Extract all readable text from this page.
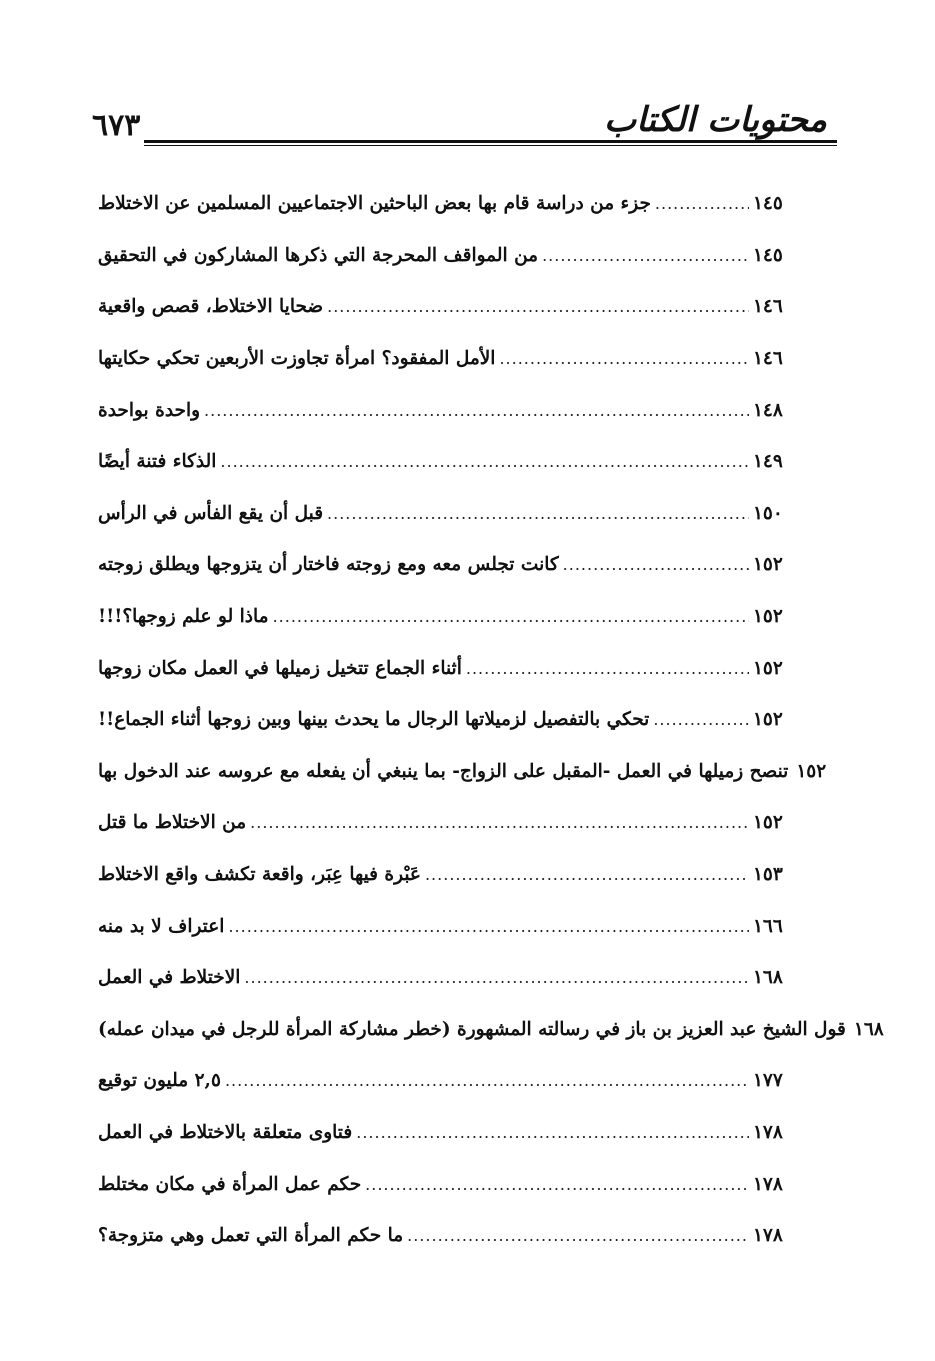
محتويات الكتاب
٦٧٣
جزء من دراسة قام بها بعض الباحثين الاجتماعيين المسلمين عن الاختلاط .....	١٤٥
من المواقف المحرجة التي ذكرها المشاركون في التحقيق .....	١٤٥
ضحايا الاختلاط، قصص واقعية .....	١٤٦
الأمل المفقود؟ امرأة تجاوزت الأربعين تحكي حكايتها .....	١٤٦
واحدة بواحدة .....	١٤٨
الذكاء فتنة أيضًا .....	١٤٩
قبل أن يقع الفأس في الرأس .....	١٥٠
كانت تجلس معه ومع زوجته فاختار أن يتزوجها ويطلق زوجته .....	١٥٢
ماذا لو علم زوجها؟!!! .....	١٥٢
أثناء الجماع تتخيل زميلها في العمل مكان زوجها .....	١٥٢
تحكي بالتفصيل لزميلاتها الرجال ما يحدث بينها وبين زوجها أثناء الجماع!! .....	١٥٢
تنصح زميلها في العمل -المقبل على الزواج- بما ينبغي أن يفعله مع عروسه عند الدخول بها ١٥٢
من الاختلاط ما قتل .....	١٥٢
عَبْرة فيها عِبَر، واقعة تكشف واقع الاختلاط .....	١٥٣
اعتراف لا بد منه .....	١٦٦
الاختلاط في العمل .....	١٦٨
قول الشيخ عبد العزيز بن باز في رسالته المشهورة (خطر مشاركة المرأة للرجل في ميدان عمله) ١٦٨
٢,٥ مليون توقيع .....	١٧٧
فتاوى متعلقة بالاختلاط في العمل .....	١٧٨
حكم عمل المرأة في مكان مختلط .....	١٧٨
ما حكم المرأة التي تعمل وهي متزوجة؟ .....	١٧٨
